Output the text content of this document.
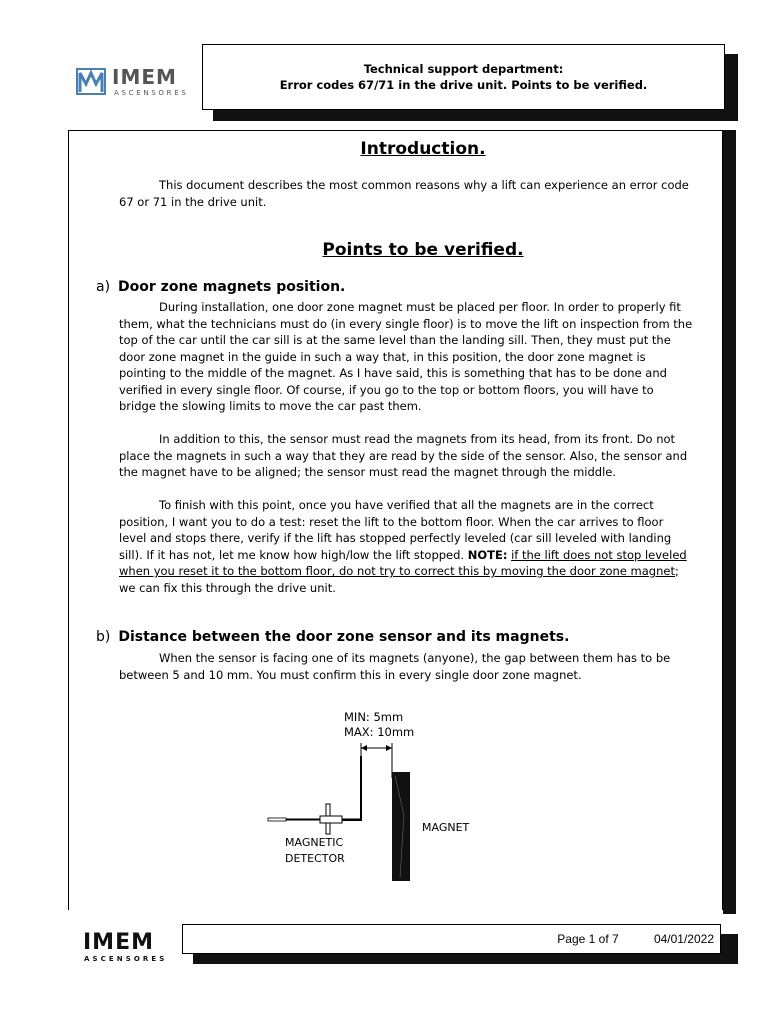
IMEM
ASCENSORES
Technical support department:
Error codes 67/71 in the drive unit. Points to be verified.
Introduction.

This document describes the most common reasons why a lift can experience an error code 67 or 71 in the drive unit.

Points to be verified.
a) Door zone magnets position.

During installation, one door zone magnet must be placed per floor. In order to properly fit them, what the technicians must do (in every single floor) is to move the lift on inspection from the top of the car until the car sill is at the same level than the landing sill. Then, they must put the door zone magnet in the guide in such a way that, in this position, the door zone magnet is pointing to the middle of the magnet. As I have said, this is something that has to be done and verified in every single floor. Of course, if you go to the top or bottom floors, you will have to bridge the slowing limits to move the car past them.

In addition to this, the sensor must read the magnets from its head, from its front. Do not place the magnets in such a way that they are read by the side of the sensor. Also, the sensor and the magnet have to be aligned; the sensor must read the magnet through the middle.

To finish with this point, once you have verified that all the magnets are in the correct position, I want you to do a test: reset the lift to the bottom floor. When the car arrives to floor level and stops there, verify if the lift has stopped perfectly leveled (car sill leveled with landing sill). If it has not, let me know how high/low the lift stopped. NOTE: if the lift does not stop leveled when you reset it to the bottom floor, do not try to correct this by moving the door zone magnet; we can fix this through the drive unit.

b) Distance between the door zone sensor and its magnets.

When the sensor is facing one of its magnets (anyone), the gap between them has to be between 5 and 10 mm. You must confirm this in every single door zone magnet.

MIN: 5mm
MAX: 10mm
MAGNETIC
DETECTOR
MAGNET
IMEM
ASCENSORES
Page 1 of 7	04/01/2022
